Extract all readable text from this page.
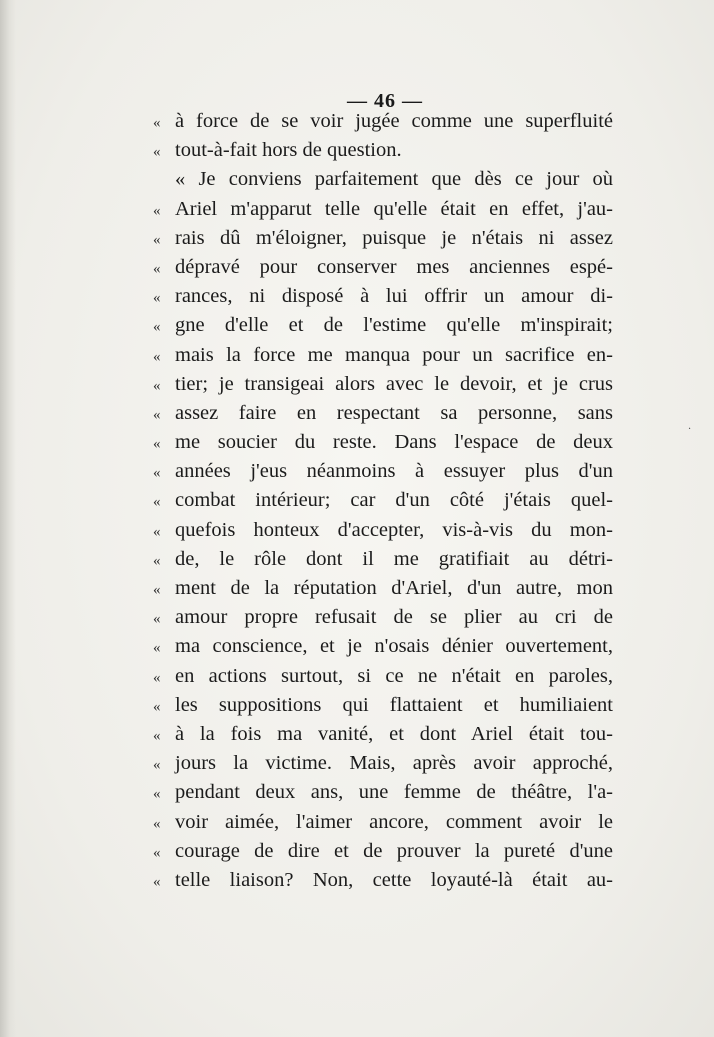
·
— 46 —
« à force de se voir jugée comme une superfluité
« tout-à-fait hors de question.
« Je conviens parfaitement que dès ce jour où
« Ariel m'apparut telle qu'elle était en effet, j'au-
« rais dû m'éloigner, puisque je n'étais ni assez
« dépravé pour conserver mes anciennes espé-
« rances, ni disposé à lui offrir un amour di-
« gne d'elle et de l'estime qu'elle m'inspirait;
« mais la force me manqua pour un sacrifice en-
« tier; je transigeai alors avec le devoir, et je crus
« assez faire en respectant sa personne, sans
« me soucier du reste. Dans l'espace de deux
« années j'eus néanmoins à essuyer plus d'un
« combat intérieur; car d'un côté j'étais quel-
« quefois honteux d'accepter, vis-à-vis du mon-
« de, le rôle dont il me gratifiait au détri-
« ment de la réputation d'Ariel, d'un autre, mon
« amour propre refusait de se plier au cri de
« ma conscience, et je n'osais dénier ouvertement,
« en actions surtout, si ce ne n'était en paroles,
« les suppositions qui flattaient et humiliaient
« à la fois ma vanité, et dont Ariel était tou-
« jours la victime. Mais, après avoir approché,
« pendant deux ans, une femme de théâtre, l'a-
« voir aimée, l'aimer ancore, comment avoir le
« courage de dire et de prouver la pureté d'une
« telle liaison? Non, cette loyauté-là était au-
